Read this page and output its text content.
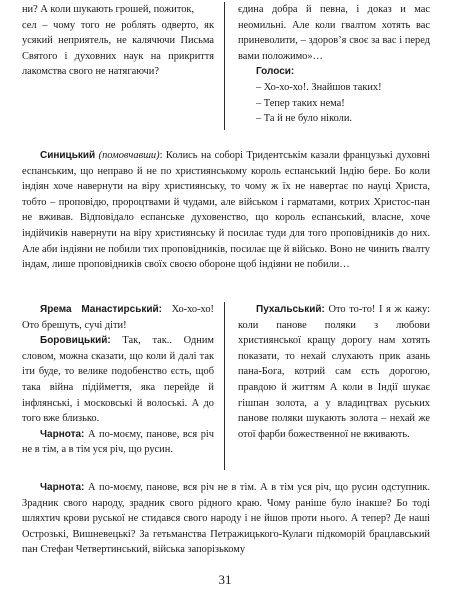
ни? А коли шукають грошей, пожиток,

сел – чому того не роблять одверто, як усякий неприятель, не калячючи Письма Святого і духовних наук на прикриття лакомства свого не натягаючи?

єдина добра й певна, і доказ и мас неомильні. Але коли гвалтом хотять вас приневолити, – здоров’я своє за вас і перед вами положимо»…

Голоси:

– Хо-хо-хо!. Знайшов таких!

– Тепер таких нема!

– Та й не було ніколи.

Синицький (помовчавши): Колись на соборі Тридентськім казали французькі духовні еспанським, що неправо й не по християнському король еспанський Індію бере. Бо коли індіян хоче навернути на віру християнську, то чому ж їх не навертає по науці Христа, тобто – проповідю, пророцтвами й чудами, але військом і гарматами, котрих Христос-пан не вживав. Відповідало еспанське духовенство, що король еспанський, власне, хоче індійчиків навернути на віру християнську й посилає туди для того проповідників до них. Але аби індіяни не побили тих проповідників, посилає ще й військо. Воно не чинить ґвалту індам, лише проповідників своїх своєю обороне щоб індіяни не побили…

Ярема Манастирський: Хо-хо-хо! Ото брешуть, сучі діти!

Боровицький: Так, так.. Одним словом, можна сказати, що коли й далі так іти буде, то велике подобенство єсть, щоб така війна підіймеття, яка перейде й інфлянські, і московські й волоські. А до того вже близько.

Чарнота: А по-моєму, панове, вся річ не в тім, а в тім уся річ, що русин.

Пухальський: Ото то-то! І я ж кажу: коли панове поляки з любови християнської кращу дорогу нам хотять показати, то нехай слухають прик азань пана-Бога, котрий сам єсть дорогою, правдою й життям А коли в Індії шукає гішпан золота, а у владицтвах руських панове поляки шукають золота – нехай же отої фарби божественної не вживають.

Чарнота: А по-моєму, панове, вся річ не в тім. А в тім уся річ, що русин одступник. Зрадник свого народу, зрадник свого рідного краю. Чому раніше було інакше? Бо тоді шляхтич крови руської не стидався свого народу і не йшов проти нього. А тепер? Де наші Острозькі, Вишневецькі? За гетьманства Петражицького-Кулаги підкоморій брацлавський пан Стефан Четвертинський, війська запорізькому

31
